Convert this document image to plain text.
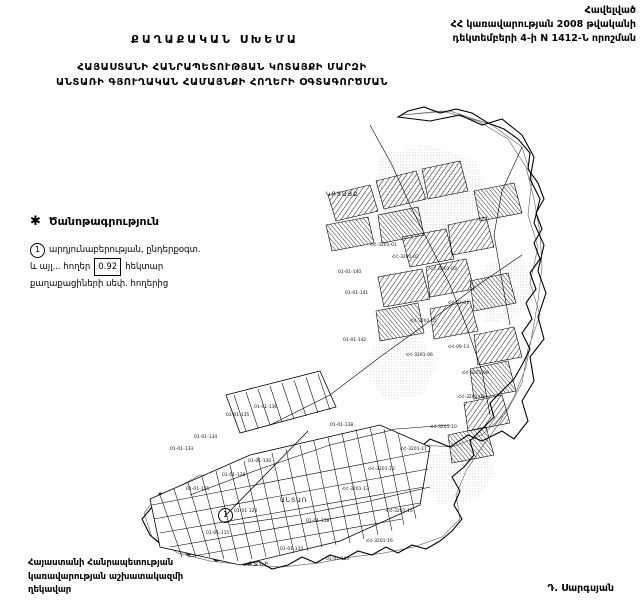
Հավելված
ՀՀ կառավարության 2008 թվականի
դեկտեմբերի 4-ի N 1412-Ն որոշման
ՔԱՂԱՔԱԿԱՆ ՍԽԵՄԱ
ՀԱՅԱՍՏԱՆԻ ՀԱՆՐԱՊԵՏՈՒԹՅԱՆ ԿՈՏԱՅՔԻ ՄԱՐԶԻ
ԱՆՏԱՌԻ ԳՅՈՒՂԱԿԱՆ ՀԱՄԱՅՆՔԻ ՀՈՂԵՐԻ ՕԳՏԱԳՈՐԾՄԱՆ
✱ Ծանոթագրություն
1	արդյունաբերության, ընդերքօգտ.
և այլ... հողեր 0.92 հեկտար
քաղաքացիների սեփ. հողերից
ԿՈՏԱՅՔ
ՀՀ-3201-01
ՀՀ-3201-02
01-01-140
ՀՀ-3201-03
01-01-141
ՀՀ-02-01
ՀՀ-3201-05
ՀՀ-09-13
ՀՀ-3201-06
01-01-142
ՀՀ-3201-08
01-01-136
01-01-135
ՀՀ-3201-09
01-01-138	ՀՀ-3201-10
01-01-134
01-01-133	ՀՀ-3201-11
01-01-130
01-01-128
ՀՀ-3201-12
01-01-125	ՀՀ-3201-13
ԱՆՏԱՌ
01-01-120
01-01-118
ՀՀ-3201-15
01-01-115
ՀՀ-3201-16
01-01-110
ԲՋՆԻ
01-01-105
1
Հայաստանի Հանրապետության
կառավարության աշխատակազմի
ղեկավար	Դ. Սարգսյան
